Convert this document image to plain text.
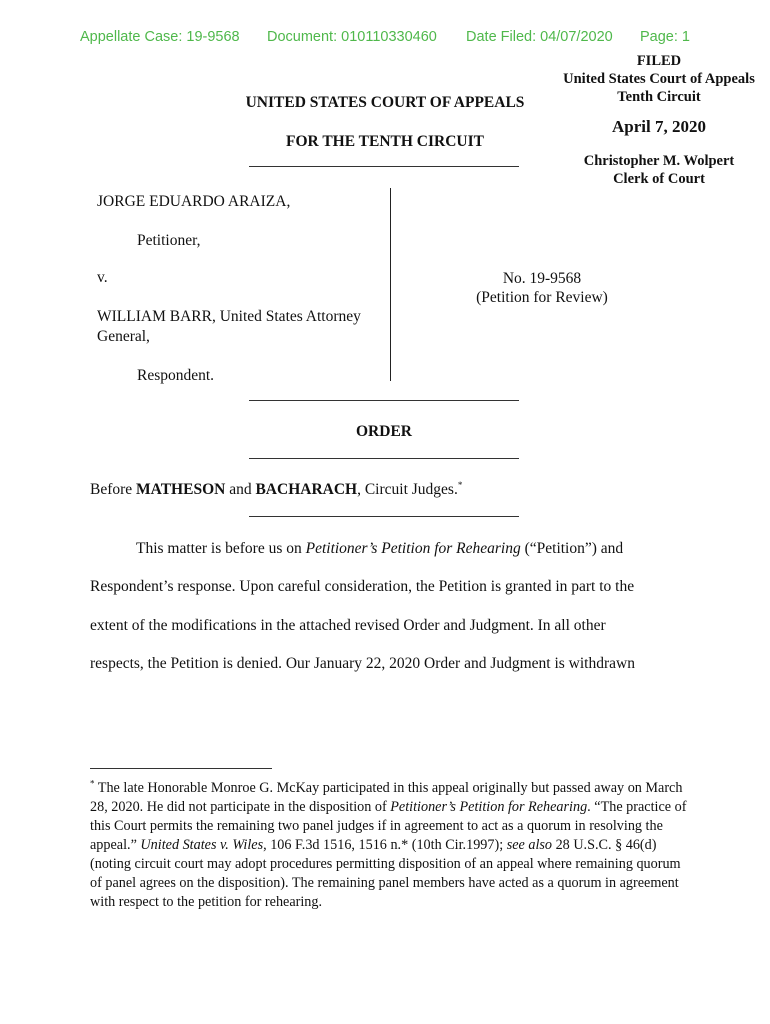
Appellate Case: 19-9568 Document: 010110330460 Date Filed: 04/07/2020 Page: 1
FILED
United States Court of Appeals
Tenth Circuit
April 7, 2020
Christopher M. Wolpert
Clerk of Court
UNITED STATES COURT OF APPEALS
FOR THE TENTH CIRCUIT
JORGE EDUARDO ARAIZA,
Petitioner,
v.
WILLIAM BARR, United States Attorney
General,
Respondent.
No. 19-9568
(Petition for Review)
ORDER
Before MATHESON and BACHARACH, Circuit Judges.*
This matter is before us on Petitioner’s Petition for Rehearing (“Petition”) and
Respondent’s response. Upon careful consideration, the Petition is granted in part to the
extent of the modifications in the attached revised Order and Judgment. In all other
respects, the Petition is denied. Our January 22, 2020 Order and Judgment is withdrawn
* The late Honorable Monroe G. McKay participated in this appeal originally but passed away on March 28, 2020. He did not participate in the disposition of Petitioner’s Petition for Rehearing. “The practice of this Court permits the remaining two panel judges if in agreement to act as a quorum in resolving the appeal.” United States v. Wiles, 106 F.3d 1516, 1516 n.* (10th Cir.1997); see also 28 U.S.C. § 46(d) (noting circuit court may adopt procedures permitting disposition of an appeal where remaining quorum of panel agrees on the disposition). The remaining panel members have acted as a quorum in agreement with respect to the petition for rehearing.
